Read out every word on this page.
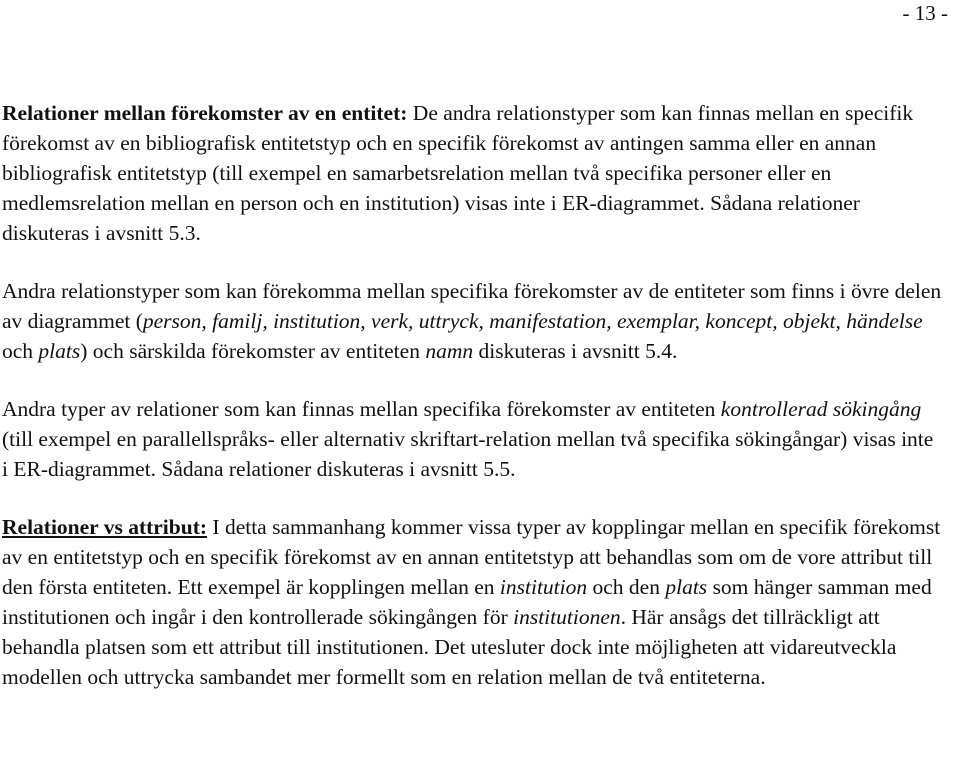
- 13 -

Relationer mellan förekomster av en entitet: De andra relationstyper som kan finnas mellan en specifik förekomst av en bibliografisk entitetstyp och en specifik förekomst av antingen samma eller en annan bibliografisk entitetstyp (till exempel en samarbetsrelation mellan två specifika personer eller en medlemsrelation mellan en person och en institution) visas inte i ER-diagrammet. Sådana relationer diskuteras i avsnitt 5.3.

Andra relationstyper som kan förekomma mellan specifika förekomster av de entiteter som finns i övre delen av diagrammet (person, familj, institution, verk, uttryck, manifestation, exemplar, koncept, objekt, händelse och plats) och särskilda förekomster av entiteten namn diskuteras i avsnitt 5.4.

Andra typer av relationer som kan finnas mellan specifika förekomster av entiteten kontrollerad sökingång (till exempel en parallellspråks- eller alternativ skriftart-relation mellan två specifika sökingångar) visas inte i ER-diagrammet. Sådana relationer diskuteras i avsnitt 5.5.

Relationer vs attribut: I detta sammanhang kommer vissa typer av kopplingar mellan en specifik förekomst av en entitetstyp och en specifik förekomst av en annan entitetstyp att behandlas som om de vore attribut till den första entiteten. Ett exempel är kopplingen mellan en institution och den plats som hänger samman med institutionen och ingår i den kontrollerade sökingången för institutionen. Här ansågs det tillräckligt att behandla platsen som ett attribut till institutionen. Det utesluter dock inte möjligheten att vidareutveckla modellen och uttrycka sambandet mer formellt som en relation mellan de två entiteterna.
